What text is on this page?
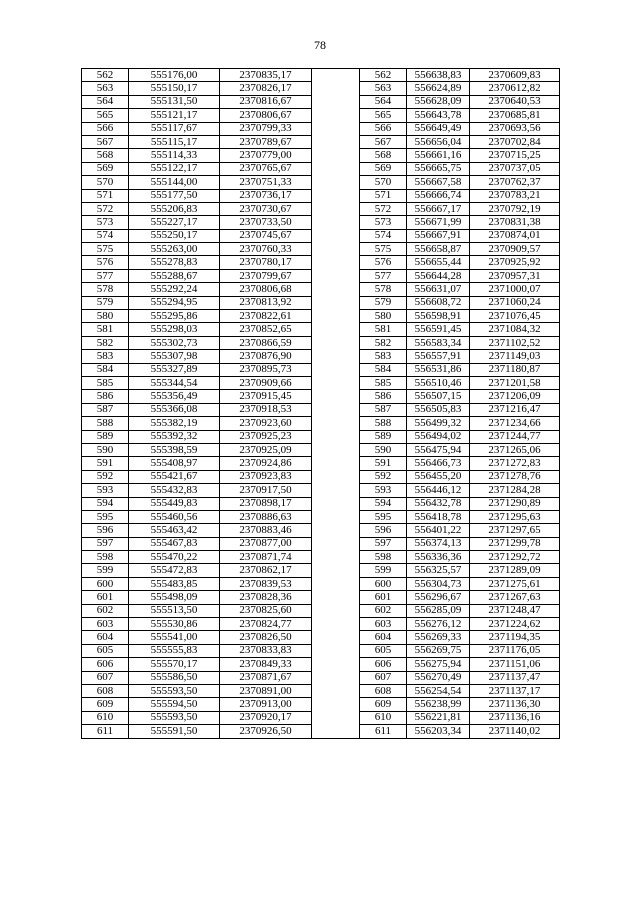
78
562	555176,00	2370835,17		562	556638,83	2370609,83
563	555150,17	2370826,17		563	556624,89	2370612,82
564	555131,50	2370816,67		564	556628,09	2370640,53
565	555121,17	2370806,67		565	556643,78	2370685,81
566	555117,67	2370799,33		566	556649,49	2370693,56
567	555115,17	2370789,67		567	556656,04	2370702,84
568	555114,33	2370779,00		568	556661,16	2370715,25
569	555122,17	2370765,67		569	556665,75	2370737,05
570	555144,00	2370751,33		570	556667,58	2370762,37
571	555177,50	2370736,17		571	556666,74	2370783,21
572	555206,83	2370730,67		572	556667,17	2370792,19
573	555227,17	2370733,50		573	556671,99	2370831,38
574	555250,17	2370745,67		574	556667,91	2370874,01
575	555263,00	2370760,33		575	556658,87	2370909,57
576	555278,83	2370780,17		576	556655,44	2370925,92
577	555288,67	2370799,67		577	556644,28	2370957,31
578	555292,24	2370806,68		578	556631,07	2371000,07
579	555294,95	2370813,92		579	556608,72	2371060,24
580	555295,86	2370822,61		580	556598,91	2371076,45
581	555298,03	2370852,65		581	556591,45	2371084,32
582	555302,73	2370866,59		582	556583,34	2371102,52
583	555307,98	2370876,90		583	556557,91	2371149,03
584	555327,89	2370895,73		584	556531,86	2371180,87
585	555344,54	2370909,66		585	556510,46	2371201,58
586	555356,49	2370915,45		586	556507,15	2371206,09
587	555366,08	2370918,53		587	556505,83	2371216,47
588	555382,19	2370923,60		588	556499,32	2371234,66
589	555392,32	2370925,23		589	556494,02	2371244,77
590	555398,59	2370925,09		590	556475,94	2371265,06
591	555408,97	2370924,86		591	556466,73	2371272,83
592	555421,67	2370923,83		592	556455,20	2371278,76
593	555432,83	2370917,50		593	556446,12	2371284,28
594	555449,83	2370898,17		594	556432,78	2371290,89
595	555460,56	2370886,63		595	556418,78	2371295,63
596	555463,42	2370883,46		596	556401,22	2371297,65
597	555467,83	2370877,00		597	556374,13	2371299,78
598	555470,22	2370871,74		598	556336,36	2371292,72
599	555472,83	2370862,17		599	556325,57	2371289,09
600	555483,85	2370839,53		600	556304,73	2371275,61
601	555498,09	2370828,36		601	556296,67	2371267,63
602	555513,50	2370825,60		602	556285,09	2371248,47
603	555530,86	2370824,77		603	556276,12	2371224,62
604	555541,00	2370826,50		604	556269,33	2371194,35
605	555555,83	2370833,83		605	556269,75	2371176,05
606	555570,17	2370849,33		606	556275,94	2371151,06
607	555586,50	2370871,67		607	556270,49	2371137,47
608	555593,50	2370891,00		608	556254,54	2371137,17
609	555594,50	2370913,00		609	556238,99	2371136,30
610	555593,50	2370920,17		610	556221,81	2371136,16
611	555591,50	2370926,50		611	556203,34	2371140,02
